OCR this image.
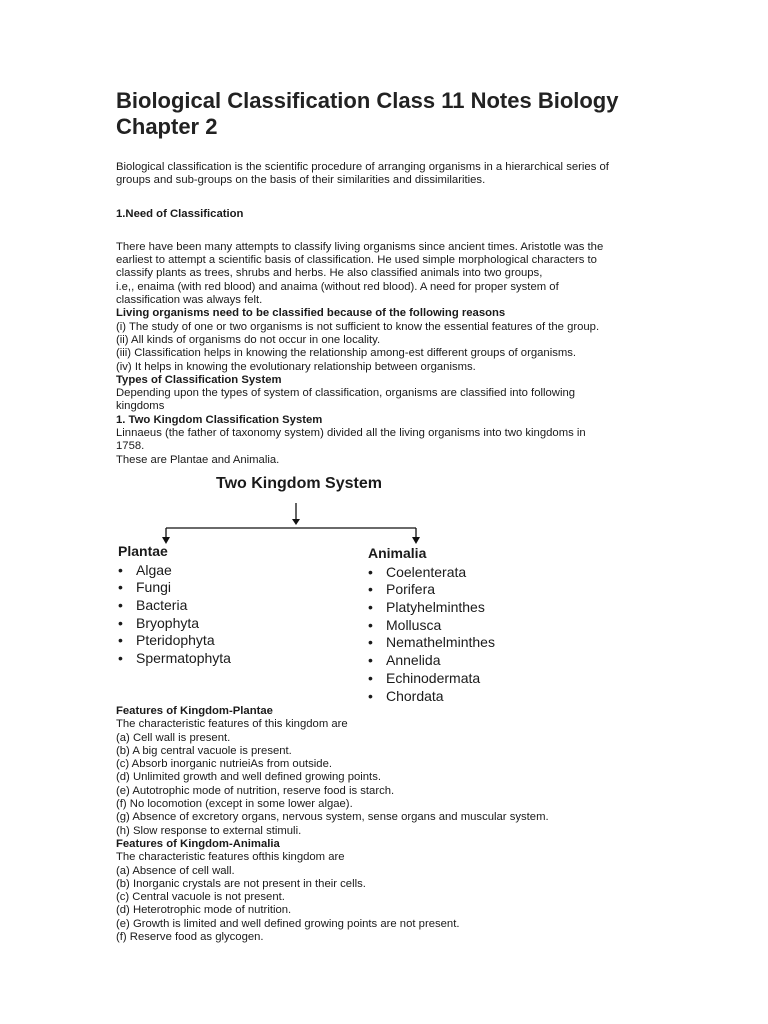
Biological Classification Class 11 Notes Biology Chapter 2
Biological classification is the scientific procedure of arranging organisms in a hierarchical series of
groups and sub-groups on the basis of their similarities and dissimilarities.
1.Need of Classification
There have been many attempts to classify living organisms since ancient times. Aristotle was the
earliest to attempt a scientific basis of classification. He used simple morphological characters to
classify plants as trees, shrubs and herbs. He also classified animals into two groups,
i.e,, enaima (with red blood) and anaima (without red blood). A need for proper system of
classification was always felt.
Living organisms need to be classified because of the following reasons
(i) The study of one or two organisms is not sufficient to know the essential features of the group.
(ii) All kinds of organisms do not occur in one locality.
(iii) Classification helps in knowing the relationship among-est different groups of organisms.
(iv) It helps in knowing the evolutionary relationship between organisms.
Types of Classification System
Depending upon the types of system of classification, organisms are classified into following
kingdoms
1. Two Kingdom Classification System
Linnaeus (the father of taxonomy system) divided all the living organisms into two kingdoms in
1758.
These are Plantae and Animalia.
Two Kingdom System
Plantae
• Algae
• Fungi
• Bacteria
• Bryophyta
• Pteridophyta
• Spermatophyta
Animalia
• Coelenterata
• Porifera
• Platyhelminthes
• Mollusca
• Nemathelminthes
• Annelida
• Echinodermata
• Chordata
Features of Kingdom-Plantae
The characteristic features of this kingdom are
(a) Cell wall is present.
(b) A big central vacuole is present.
(c) Absorb inorganic nutrieiAs from outside.
(d) Unlimited growth and well defined growing points.
(e) Autotrophic mode of nutrition, reserve food is starch.
(f) No locomotion (except in some lower algae).
(g) Absence of excretory organs, nervous system, sense organs and muscular system.
(h) Slow response to external stimuli.
Features of Kingdom-Animalia
The characteristic features ofthis kingdom are
(a) Absence of cell wall.
(b) Inorganic crystals are not present in their cells.
(c) Central vacuole is not present.
(d) Heterotrophic mode of nutrition.
(e) Growth is limited and well defined growing points are not present.
(f) Reserve food as glycogen.
